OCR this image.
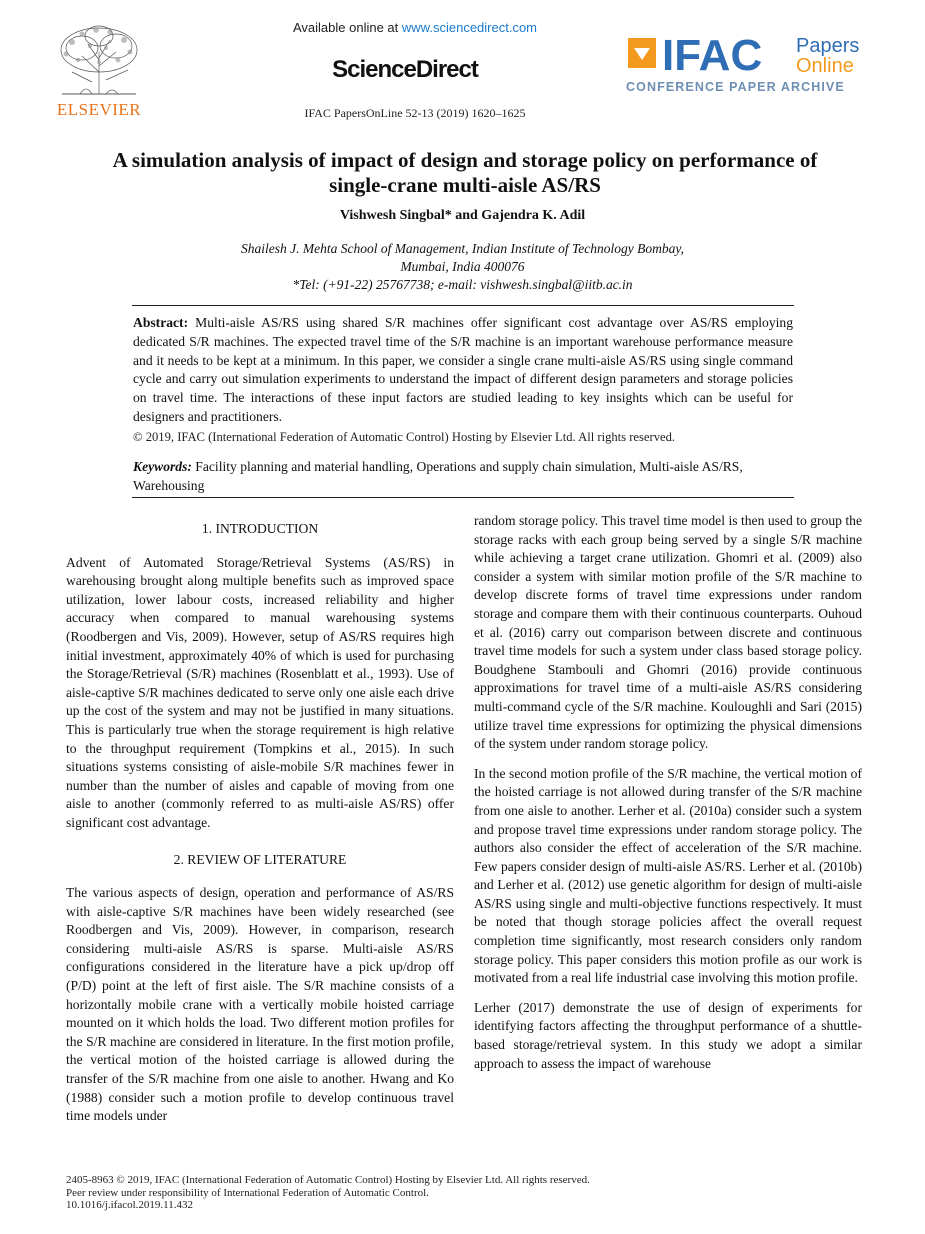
ELSEVIER
Available online at www.sciencedirect.com
ScienceDirect
IFAC PapersOnLine 52-13 (2019) 1620–1625
IFAC Papers
Online
CONFERENCE PAPER ARCHIVE
A simulation analysis of impact of design and storage policy on performance of
single-crane multi-aisle AS/RS
Vishwesh Singbal* and Gajendra K. Adil
Shailesh J. Mehta School of Management, Indian Institute of Technology Bombay,
Mumbai, India 400076
*Tel: (+91-22) 25767738; e-mail: vishwesh.singbal@iitb.ac.in
Abstract: Multi-aisle AS/RS using shared S/R machines offer significant cost advantage over AS/RS employing dedicated S/R machines. The expected travel time of the S/R machine is an important warehouse performance measure and it needs to be kept at a minimum. In this paper, we consider a single crane multi-aisle AS/RS using single command cycle and carry out simulation experiments to understand the impact of different design parameters and storage policies on travel time. The interactions of these input factors are studied leading to key insights which can be useful for designers and practitioners.
© 2019, IFAC (International Federation of Automatic Control) Hosting by Elsevier Ltd. All rights reserved.
Keywords: Facility planning and material handling, Operations and supply chain simulation, Multi-aisle AS/RS, Warehousing
1. INTRODUCTION

Advent of Automated Storage/Retrieval Systems (AS/RS) in warehousing brought along multiple benefits such as improved space utilization, lower labour costs, increased reliability and higher accuracy when compared to manual warehousing systems (Roodbergen and Vis, 2009). However, setup of AS/RS requires high initial investment, approximately 40% of which is used for purchasing the Storage/Retrieval (S/R) machines (Rosenblatt et al., 1993). Use of aisle-captive S/R machines dedicated to serve only one aisle each drive up the cost of the system and may not be justified in many situations. This is particularly true when the storage requirement is high relative to the throughput requirement (Tompkins et al., 2015). In such situations systems consisting of aisle-mobile S/R machines fewer in number than the number of aisles and capable of moving from one aisle to another (commonly referred to as multi-aisle AS/RS) offer significant cost advantage.

2. REVIEW OF LITERATURE

The various aspects of design, operation and performance of AS/RS with aisle-captive S/R machines have been widely researched (see Roodbergen and Vis, 2009). However, in comparison, research considering multi-aisle AS/RS is sparse. Multi-aisle AS/RS configurations considered in the literature have a pick up/drop off (P/D) point at the left of first aisle. The S/R machine consists of a horizontally mobile crane with a vertically mobile hoisted carriage mounted on it which holds the load. Two different motion profiles for the S/R machine are considered in literature. In the first motion profile, the vertical motion of the hoisted carriage is allowed during the transfer of the S/R machine from one aisle to another. Hwang and Ko (1988) consider such a motion profile to develop continuous travel time models under

random storage policy. This travel time model is then used to group the storage racks with each group being served by a single S/R machine while achieving a target crane utilization. Ghomri et al. (2009) also consider a system with similar motion profile of the S/R machine to develop discrete forms of travel time expressions under random storage and compare them with their continuous counterparts. Ouhoud et al. (2016) carry out comparison between discrete and continuous travel time models for such a system under class based storage policy. Boudghene Stambouli and Ghomri (2016) provide continuous approximations for travel time of a multi-aisle AS/RS considering multi-command cycle of the S/R machine. Kouloughli and Sari (2015) utilize travel time expressions for optimizing the physical dimensions of the system under random storage policy.

In the second motion profile of the S/R machine, the vertical motion of the hoisted carriage is not allowed during transfer of the S/R machine from one aisle to another. Lerher et al. (2010a) consider such a system and propose travel time expressions under random storage policy. The authors also consider the effect of acceleration of the S/R machine. Few papers consider design of multi-aisle AS/RS. Lerher et al. (2010b) and Lerher et al. (2012) use genetic algorithm for design of multi-aisle AS/RS using single and multi-objective functions respectively. It must be noted that though storage policies affect the overall request completion time significantly, most research considers only random storage policy. This paper considers this motion profile as our work is motivated from a real life industrial case involving this motion profile.

Lerher (2017) demonstrate the use of design of experiments for identifying factors affecting the throughput performance of a shuttle-based storage/retrieval system. In this study we adopt a similar approach to assess the impact of warehouse

2405-8963 © 2019, IFAC (International Federation of Automatic Control) Hosting by Elsevier Ltd. All rights reserved.
Peer review under responsibility of International Federation of Automatic Control.
10.1016/j.ifacol.2019.11.432
